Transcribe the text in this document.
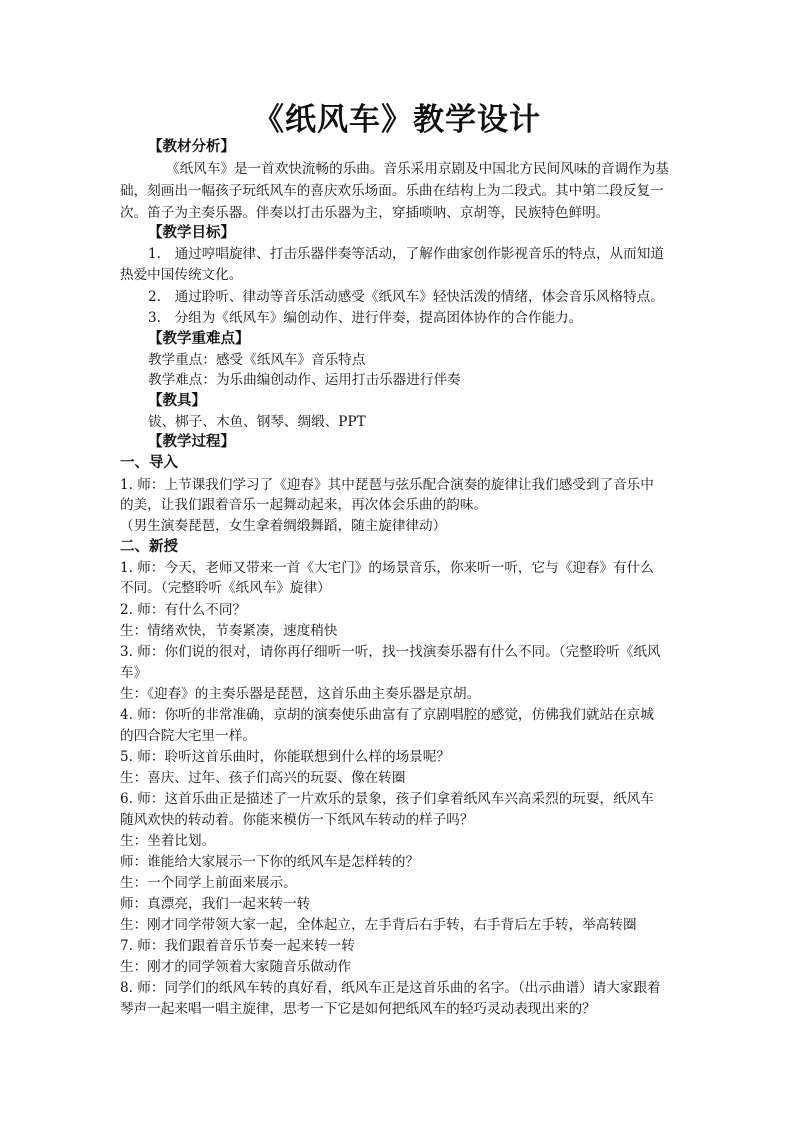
《纸风车》教学设计
【教材分析】
《纸风车》是一首欢快流畅的乐曲。音乐采用京剧及中国北方民间风味的音调作为基
础，刻画出一幅孩子玩纸风车的喜庆欢乐场面。乐曲在结构上为二段式。其中第二段反复一
次。笛子为主奏乐器。伴奏以打击乐器为主，穿插唢呐、京胡等，民族特色鲜明。
【教学目标】
1.　通过哼唱旋律、打击乐器伴奏等活动，了解作曲家创作影视音乐的特点，从而知道
热爱中国传统文化。
2.　通过聆听、律动等音乐活动感受《纸风车》轻快活泼的情绪，体会音乐风格特点。
3.　分组为《纸风车》编创动作、进行伴奏，提高团体协作的合作能力。
【教学重难点】
教学重点：感受《纸风车》音乐特点
教学难点：为乐曲编创动作、运用打击乐器进行伴奏
【教具】
钹、梆子、木鱼、钢琴、绸缎、PPT
【教学过程】
一、导入
1. 师：上节课我们学习了《迎春》其中琵琶与弦乐配合演奏的旋律让我们感受到了音乐中
的美，让我们跟着音乐一起舞动起来，再次体会乐曲的韵味。
（男生演奏琵琶，女生拿着绸缎舞蹈，随主旋律律动）
二、新授
1. 师：今天，老师又带来一首《大宅门》的场景音乐，你来听一听，它与《迎春》有什么
不同。（完整聆听《纸风车》旋律）
2. 师：有什么不同？
生：情绪欢快，节奏紧凑，速度稍快
3. 师：你们说的很对，请你再仔细听一听，找一找演奏乐器有什么不同。（完整聆听《纸风
车》
生：《迎春》的主奏乐器是琵琶，这首乐曲主奏乐器是京胡。
4. 师：你听的非常准确，京胡的演奏使乐曲富有了京剧唱腔的感觉，仿佛我们就站在京城
的四合院大宅里一样。
5. 师：聆听这首乐曲时，你能联想到什么样的场景呢？
生：喜庆、过年、孩子们高兴的玩耍、像在转圈
6. 师：这首乐曲正是描述了一片欢乐的景象，孩子们拿着纸风车兴高采烈的玩耍，纸风车
随风欢快的转动着。你能来模仿一下纸风车转动的样子吗？
生：坐着比划。
师：谁能给大家展示一下你的纸风车是怎样转的？
生：一个同学上前面来展示。
师：真漂亮，我们一起来转一转
生：刚才同学带领大家一起，全体起立，左手背后右手转，右手背后左手转，举高转圈
7. 师：我们跟着音乐节奏一起来转一转
生：刚才的同学领着大家随音乐做动作
8. 师：同学们的纸风车转的真好看，纸风车正是这首乐曲的名字。（出示曲谱）请大家跟着
琴声一起来唱一唱主旋律，思考一下它是如何把纸风车的轻巧灵动表现出来的？
